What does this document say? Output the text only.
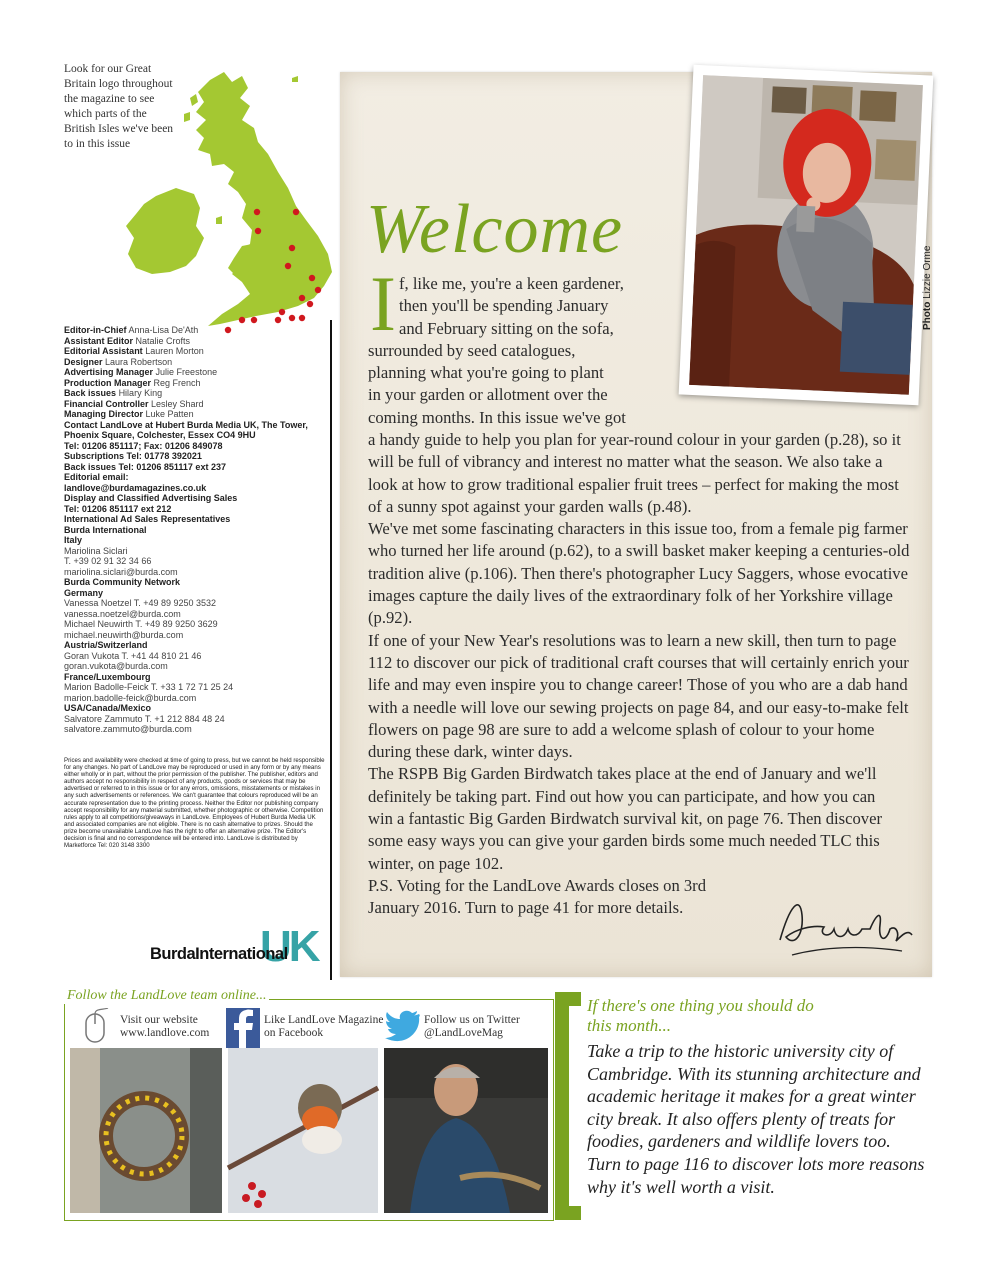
Look for our Great Britain logo throughout the magazine to see which parts of the British Isles we've been to in this issue
Editor-in-Chief Anna-Lisa De'Ath
Assistant Editor Natalie Crofts
Editorial Assistant Lauren Morton
Designer Laura Robertson
Advertising Manager Julie Freestone
Production Manager Reg French
Back issues Hilary King
Financial Controller Lesley Shard
Managing Director Luke Patten
Contact LandLove at Hubert Burda Media UK, The Tower, Phoenix Square, Colchester, Essex CO4 9HU
Tel: 01206 851117; Fax: 01206 849078
Subscriptions Tel: 01778 392021
Back issues Tel: 01206 851117 ext 237
Editorial email:
landlove@burdamagazines.co.uk
Display and Classified Advertising Sales
Tel: 01206 851117 ext 212
International Ad Sales Representatives
Burda International
Italy
Mariolina Siclari
T. +39 02 91 32 34 66
mariolina.siclari@burda.com
Burda Community Network
Germany
Vanessa Noetzel T. +49 89 9250 3532
vanessa.noetzel@burda.com
Michael Neuwirth T. +49 89 9250 3629
michael.neuwirth@burda.com
Austria/Switzerland
Goran Vukota T. +41 44 810 21 46
goran.vukota@burda.com
France/Luxembourg
Marion Badolle-Feick T. +33 1 72 71 25 24
marion.badolle-feick@burda.com
USA/Canada/Mexico
Salvatore Zammuto T. +1 212 884 48 24
salvatore.zammuto@burda.com
Prices and availability were checked at time of going to press, but we cannot be held responsible for any changes. No part of LandLove may be reproduced or used in any form or by any means either wholly or in part, without the prior permission of the publisher. The publisher, editors and authors accept no responsibility in respect of any products, goods or services that may be advertised or referred to in this issue or for any errors, omissions, misstatements or mistakes in any such advertisements or references. We can't guarantee that colours reproduced will be an accurate representation due to the printing process. Neither the Editor nor publishing company accept responsibility for any material submitted, whether photographic or otherwise. Competition rules apply to all competitions/giveaways in LandLove. Employees of Hubert Burda Media UK and associated companies are not eligible. There is no cash alternative to prizes. Should the prize become unavailable LandLove has the right to offer an alternative prize. The Editor's decision is final and no correspondence will be entered into. LandLove is distributed by Marketforce Tel: 020 3148 3300
UK
BurdaInternational
Photo Lizzie Orme
Welcome
I f, like me, you're a keen gardener,
then you'll be spending January
and February sitting on the sofa,
surrounded by seed catalogues,
planning what you're going to plant
in your garden or allotment over the
coming months. In this issue we've got

a handy guide to help you plan for year-round colour in your garden (p.28), so it will be full of vibrancy and interest no matter what the season. We also take a look at how to grow traditional espalier fruit trees – perfect for making the most of a sunny spot against your garden walls (p.48).

We've met some fascinating characters in this issue too, from a female pig farmer who turned her life around (p.62), to a swill basket maker keeping a centuries-old tradition alive (p.106). Then there's photographer Lucy Saggers, whose evocative images capture the daily lives of the extraordinary folk of her Yorkshire village (p.92).

If one of your New Year's resolutions was to learn a new skill, then turn to page 112 to discover our pick of traditional craft courses that will certainly enrich your life and may even inspire you to change career! Those of you who are a dab hand with a needle will love our sewing projects on page 84, and our easy-to-make felt flowers on page 98 are sure to add a welcome splash of colour to your home during these dark, winter days.

The RSPB Big Garden Birdwatch takes place at the end of January and we'll definitely be taking part. Find out how you can participate, and how you can win a fantastic Big Garden Birdwatch survival kit, on page 76. Then discover some easy ways you can give your garden birds some much needed TLC this winter, on page 102.

P.S. Voting for the LandLove Awards closes on 3rd

January 2016. Turn to page 41 for more details.

Follow the LandLove team online...
Visit our website
www.landlove.com
Like LandLove Magazine
on Facebook
Follow us on Twitter
@LandLoveMag
If there's one thing you should do
this month...
Take a trip to the historic university city of Cambridge. With its stunning architecture and academic heritage it makes for a great winter city break. It also offers plenty of treats for foodies, gardeners and wildlife lovers too. Turn to page 116 to discover lots more reasons why it's well worth a visit.
